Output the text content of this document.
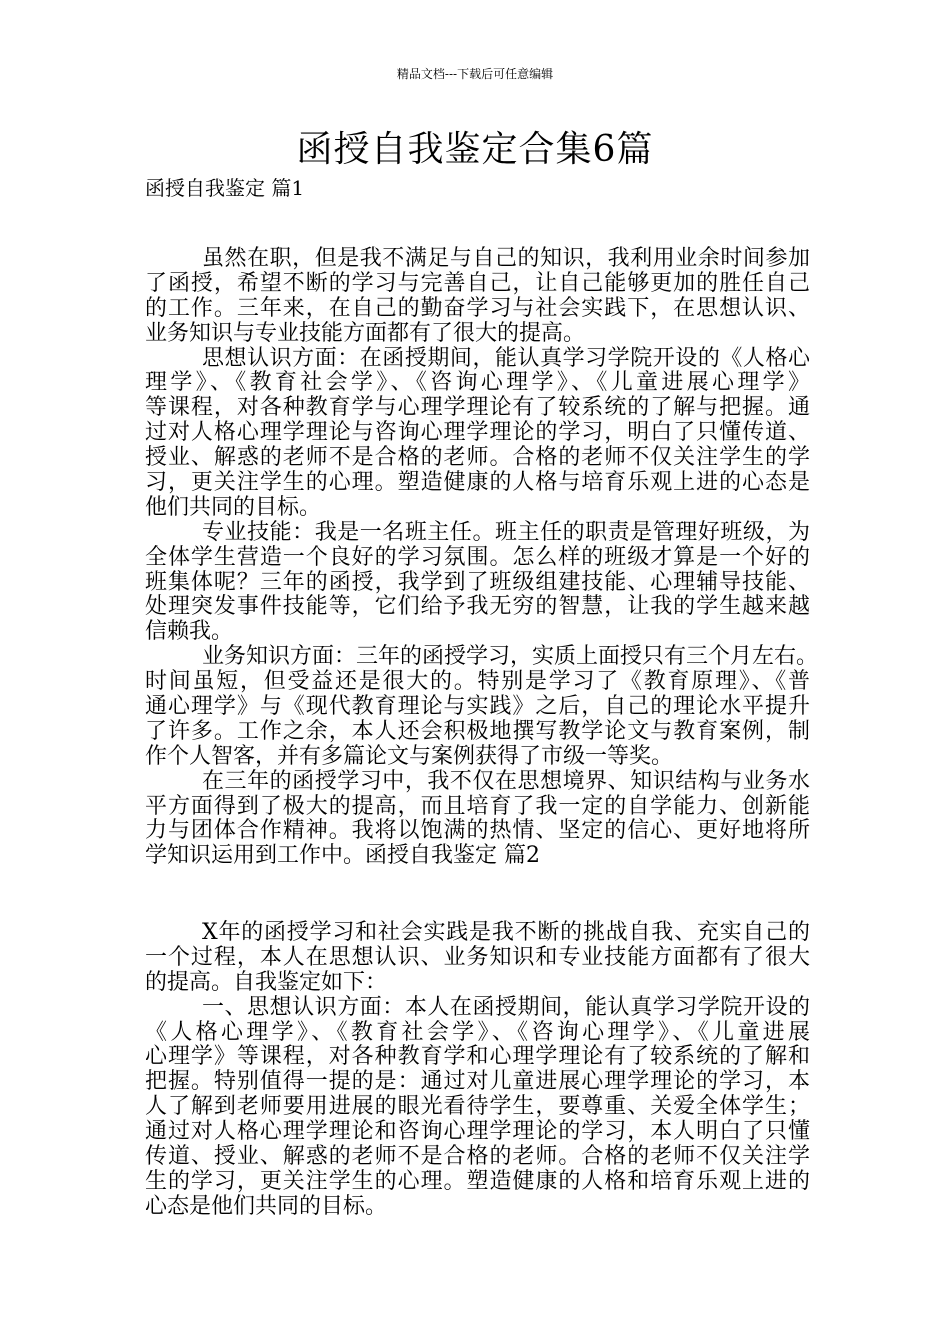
精品文档---下载后可任意编辑
函授自我鉴定合集6篇
函授自我鉴定 篇1
虽然在职，但是我不满足与自己的知识，我利用业余时间参加
了函授，希望不断的学习与完善自己，让自己能够更加的胜任自己
的工作。三年来，在自己的勤奋学习与社会实践下，在思想认识、
业务知识与专业技能方面都有了很大的提高。
思想认识方面：在函授期间，能认真学习学院开设的《人格心
理学》、《教育社会学》、《咨询心理学》、《儿童进展心理学》
等课程，对各种教育学与心理学理论有了较系统的了解与把握。通
过对人格心理学理论与咨询心理学理论的学习，明白了只懂传道、
授业、解惑的老师不是合格的老师。合格的老师不仅关注学生的学
习，更关注学生的心理。塑造健康的人格与培育乐观上进的心态是
他们共同的目标。
专业技能：我是一名班主任。班主任的职责是管理好班级，为
全体学生营造一个良好的学习氛围。怎么样的班级才算是一个好的
班集体呢？三年的函授，我学到了班级组建技能、心理辅导技能、
处理突发事件技能等，它们给予我无穷的智慧，让我的学生越来越
信赖我。
业务知识方面：三年的函授学习，实质上面授只有三个月左右。
时间虽短，但受益还是很大的。特别是学习了《教育原理》、《普
通心理学》与《现代教育理论与实践》之后，自己的理论水平提升
了许多。工作之余，本人还会积极地撰写教学论文与教育案例，制
作个人智客，并有多篇论文与案例获得了市级一等奖。
在三年的函授学习中，我不仅在思想境界、知识结构与业务水
平方面得到了极大的提高，而且培育了我一定的自学能力、创新能
力与团体合作精神。我将以饱满的热情、坚定的信心、更好地将所
学知识运用到工作中。函授自我鉴定 篇2
X年的函授学习和社会实践是我不断的挑战自我、充实自己的
一个过程，本人在思想认识、业务知识和专业技能方面都有了很大
的提高。自我鉴定如下：
一、思想认识方面：本人在函授期间，能认真学习学院开设的
《人格心理学》、《教育社会学》、《咨询心理学》、《儿童进展
心理学》等课程，对各种教育学和心理学理论有了较系统的了解和
把握。特别值得一提的是：通过对儿童进展心理学理论的学习，本
人了解到老师要用进展的眼光看待学生，要尊重、关爱全体学生；
通过对人格心理学理论和咨询心理学理论的学习，本人明白了只懂
传道、授业、解惑的老师不是合格的老师。合格的老师不仅关注学
生的学习，更关注学生的心理。塑造健康的人格和培育乐观上进的
心态是他们共同的目标。
